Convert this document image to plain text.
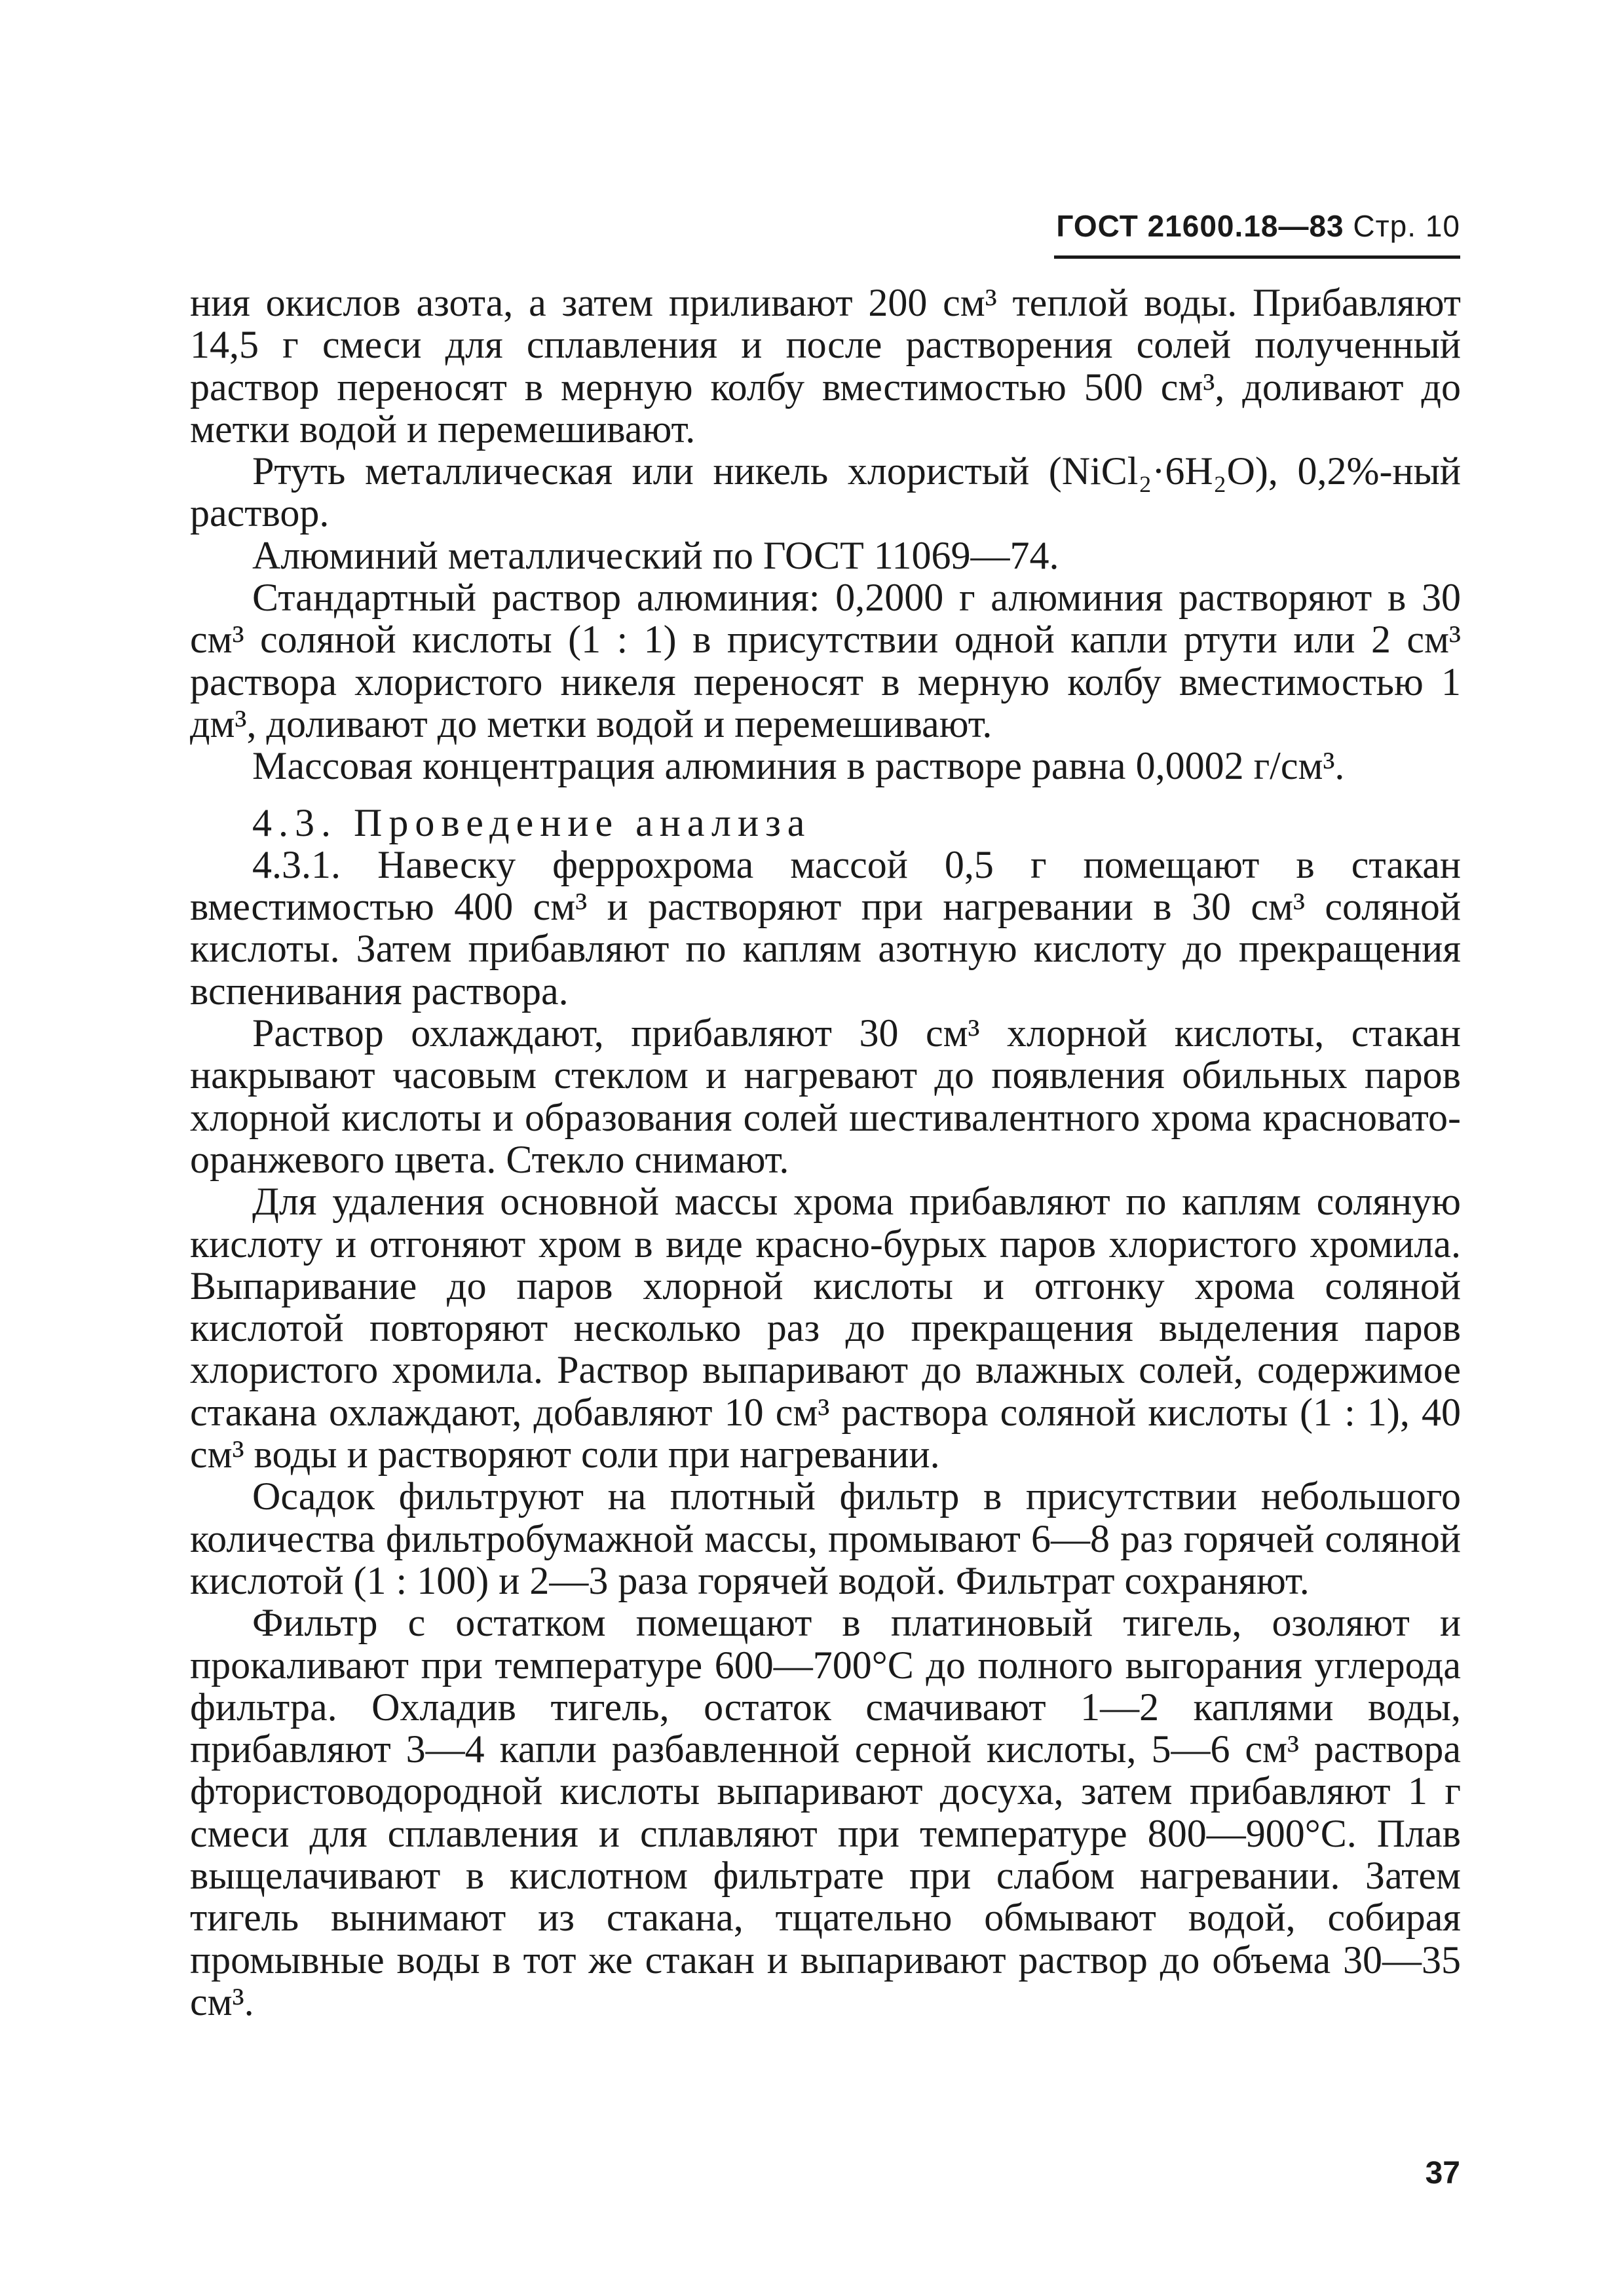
ГОСТ 21600.18—83 Стр. 10

ния окислов азота, а затем приливают 200 см³ теплой воды. Прибавляют 14,5 г смеси для сплавления и после растворения солей полученный раствор переносят в мерную колбу вместимостью 500 см³, доливают до метки водой и перемешивают.

Ртуть металлическая или никель хлористый (NiCl₂·6H₂O), 0,2%-ный раствор.

Алюминий металлический по ГОСТ 11069—74.

Стандартный раствор алюминия: 0,2000 г алюминия растворяют в 30 см³ соляной кислоты (1 : 1) в присутствии одной капли ртути или 2 см³ раствора хлористого никеля переносят в мерную колбу вместимостью 1 дм³, доливают до метки водой и перемешивают.

Массовая концентрация алюминия в растворе равна 0,0002 г/см³.

4.3. Проведение анализа

4.3.1. Навеску феррохрома массой 0,5 г помещают в стакан вместимостью 400 см³ и растворяют при нагревании в 30 см³ соляной кислоты. Затем прибавляют по каплям азотную кислоту до прекращения вспенивания раствора.

Раствор охлаждают, прибавляют 30 см³ хлорной кислоты, стакан накрывают часовым стеклом и нагревают до появления обильных паров хлорной кислоты и образования солей шестивалентного хрома красновато-оранжевого цвета. Стекло снимают.

Для удаления основной массы хрома прибавляют по каплям соляную кислоту и отгоняют хром в виде красно-бурых паров хлористого хромила. Выпаривание до паров хлорной кислоты и отгонку хрома соляной кислотой повторяют несколько раз до прекращения выделения паров хлористого хромила. Раствор выпаривают до влажных солей, содержимое стакана охлаждают, добавляют 10 см³ раствора соляной кислоты (1 : 1), 40 см³ воды и растворяют соли при нагревании.

Осадок фильтруют на плотный фильтр в присутствии небольшого количества фильтробумажной массы, промывают 6—8 раз горячей соляной кислотой (1 : 100) и 2—3 раза горячей водой. Фильтрат сохраняют.

Фильтр с остатком помещают в платиновый тигель, озоляют и прокаливают при температуре 600—700°С до полного выгорания углерода фильтра. Охладив тигель, остаток смачивают 1—2 каплями воды, прибавляют 3—4 капли разбавленной серной кислоты, 5—6 см³ раствора фтористоводородной кислоты выпаривают досуха, затем прибавляют 1 г смеси для сплавления и сплавляют при температуре 800—900°С. Плав выщелачивают в кислотном фильтрате при слабом нагревании. Затем тигель вынимают из стакана, тщательно обмывают водой, собирая промывные воды в тот же стакан и выпаривают раствор до объема 30—35 см³.

37
